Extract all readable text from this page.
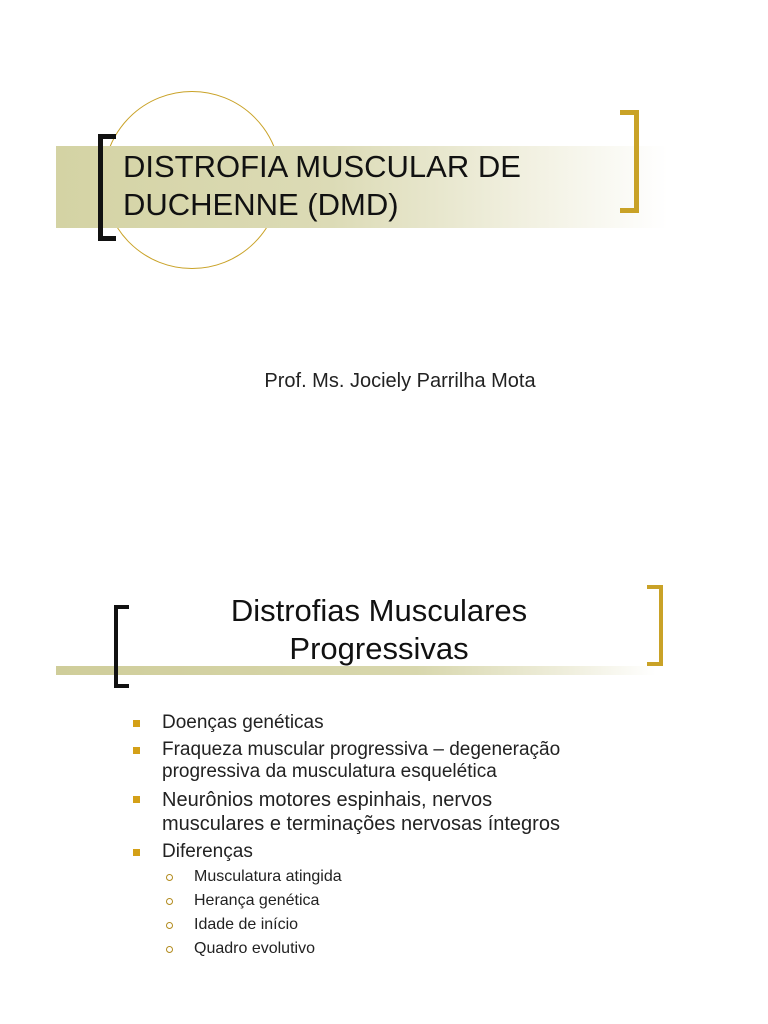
DISTROFIA MUSCULAR DE
DUCHENNE (DMD)

Prof. Ms. Jociely Parrilha Mota

Distrofias Musculares
Progressivas
Doenças genéticas
Fraqueza muscular progressiva – degeneração
progressiva da musculatura esquelética
Neurônios motores espinhais, nervos
musculares e terminações nervosas íntegros
Diferenças
Musculatura atingida
Herança genética
Idade de início
Quadro evolutivo
